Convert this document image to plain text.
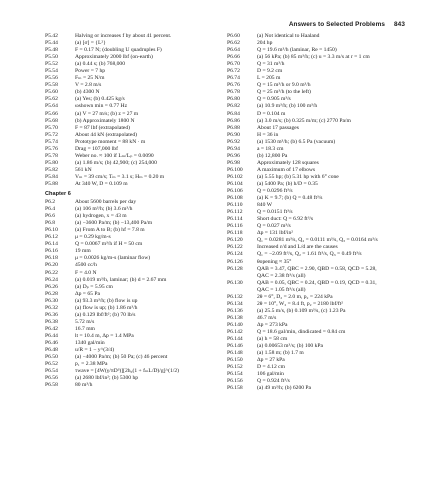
Answers to Selected Problems 843
P5.42	Halving or increases f by about 41 percent.
P5.44	(a) [σ] = {L²}
P5.48	F = 0.17 N; (doubling U quadruples F)
P5.50	Approximately 2000 lbf (on-earth)
P5.52	(a) 0.44 s; (b) 768,000
P5.54	Power = 7 hp
P5.56	Fₘ = 25 N/m
P5.58	V = 2.8 m/s
P5.60	(b) 4300 N
P5.62	(a) Yes; (b) 0.425 kg/s
P5.64	ωshown min = 0.77 Hz
P5.66	(a) V = 27 m/s; (b) z = 27 m
P5.68	(b) Approximately 1800 N
P5.70	F = 87 lbf (extrapolated)
P5.72	About 44 kN (extrapolated)
P5.74	Prototype moment = 88 kN · m
P5.76	Drag = 107,000 lbf
P5.78	Weber no. ≈ 100 if Lₘ/Lₚ = 0.0090
P5.80	(a) 1.86 m/s; (b) 42,900; (c) 254,000
P5.82	561 kN
P5.84	Vₘ = 39 cm/s; Tₘ = 3.1 s; Hₘ = 0.20 m
P5.88	At 340 W, D = 0.109 m
Chapter 6
P6.2	About 5600 barrels per day
P6.4	(a) 106 m³/h; (b) 3.6 m³/h
P6.6	(a) hydrogen, x = 43 m
P6.8	(a) −3600 Pa/m; (b) −13,400 Pa/m
P6.10	(a) From A to B; (b) hf = 7.8 m
P6.12	μ = 0.29 kg/m-s
P6.14	Q = 0.0067 m³/h if H = 50 cm
P6.16	19 mm
P6.18	μ = 0.0026 kg/m-s (laminar flow)
P6.20	4500 cc/h
P6.22	F = 4.0 N
P6.24	(a) 0.019 m³/h, laminar; (b) d = 2.67 mm
P6.26	(a) Dₚ = 5.95 cm
P6.28	Δp = 65 Pa
P6.30	(a) 93.3 m³/h; (b) flow is up
P6.32	(a) flow is up; (b) 1.86 m³/h
P6.36	(a) 0.129 lbf/ft²; (b) 70 lb/s
P6.38	5.72 m/s
P6.42	16.7 mm
P6.44	lt = 10.4 m, Δp = 1.4 MPa
P6.46	1340 gal/min
P6.48	u/R = 1 − y^(3/4)
P6.50	(a) −4000 Pa/m; (b) 50 Pa; (c) 46 percent
P6.52	p₁ = 2.38 MPa
P6.54	τwave = [4W(γ/πD³)][2h₀(1 + fₘL/D)/g]^(1/2)
P6.56	(a) 2680 lbf/in²; (b) 5300 hp
P6.58	80 m³/h
P6.60	(a) Not identical to Haaland
P6.62	204 hp
P6.64	Q = 19.6 m³/h (laminar, Re = 1450)
P6.66	(a) 56 kPa; (b) 85 m³/h; (c) u = 3.3 m/s at r = 1 cm
P6.70	Q = 31 m³/h
P6.72	D = 9.2 cm
P6.74	L = 205 m
P6.76	Q = 15 m³/h or 9.0 m³/h
P6.78	Q = 25 m³/h (to the left)
P6.80	Q = 0.905 m³/s
P6.82	(a) 10.9 m³/h; (b) 100 m³/h
P6.84	D = 0.104 m
P6.86	(a) 3.0 m/s; (b) 0.325 m/m; (c) 2770 Pa/m
P6.88	About 17 passages
P6.90	H = 36 in
P6.92	(a) 1530 m³/h; (b) 6.5 Pa (vacuum)
P6.94	a = 18.3 cm
P6.96	(b) 12,800 Pa
P6.98	Approximately 128 squares
P6.100	A maximum of 17 elbows
P6.102	(a) 5.55 hp; (b) 5.31 hp with 6° cone
P6.104	(a) 5400 Pa; (b) h/D = 0.35
P6.106	Q = 0.0296 ft³/s
P6.108	(a) K = 9.7; (b) Q = 0.48 ft³/s
P6.110	840 W
P6.112	Q = 0.0151 ft³/s
P6.114	Short duct: Q = 6.92 ft³/s
P6.116	Q = 0.027 m³/s
P6.118	Δp = 131 lbf/in²
P6.120	Q₁ = 0.0281 m³/s, Q₂ = 0.0111 m³/s, Q₃ = 0.0164 m³/s
P6.122	Increased ε/d and L/d are the causes
P6.124	Q₁ = −2.09 ft³/s, Q₂ = 1.61 ft³/s, Q₃ = 0.49 ft³/s
P6.126	θopening ≈ 35°
P6.128	QAB = 3.47, QBC = 2.90, QBD = 0.58, QCD = 5.28,
QAC = 2.38 ft³/s (all)
P6.130	QAB = 0.05, QBC = 0.24, QBD = 0.19, QCD = 0.31,
QAC = 1.05 ft³/s (all)
P6.132	2θ = 6°, D₂ = 2.0 m, p₂ = 224 kPa
P6.134	2θ = 10°, W₂ = 8.4 ft, p₂ = 2180 lbf/ft²
P6.136	(a) 25.5 m/s, (b) 0.109 m³/s, (c) 1.23 Pa
P6.138	46.7 m/s
P6.140	Δp = 273 kPa
P6.142	Q = 18.6 gal/min, dindicated = 0.84 cm
P6.144	(a) h = 58 cm
P6.146	(a) 0.00653 m³/s; (b) 100 kPa
P6.148	(a) 1.58 m; (b) 1.7 m
P6.150	Δp = 27 kPa
P6.152	D = 4.12 cm
P6.154	106 gal/min
P6.156	Q = 0.924 ft³/s
P6.158	(a) 49 m³/h; (b) 6200 Pa
